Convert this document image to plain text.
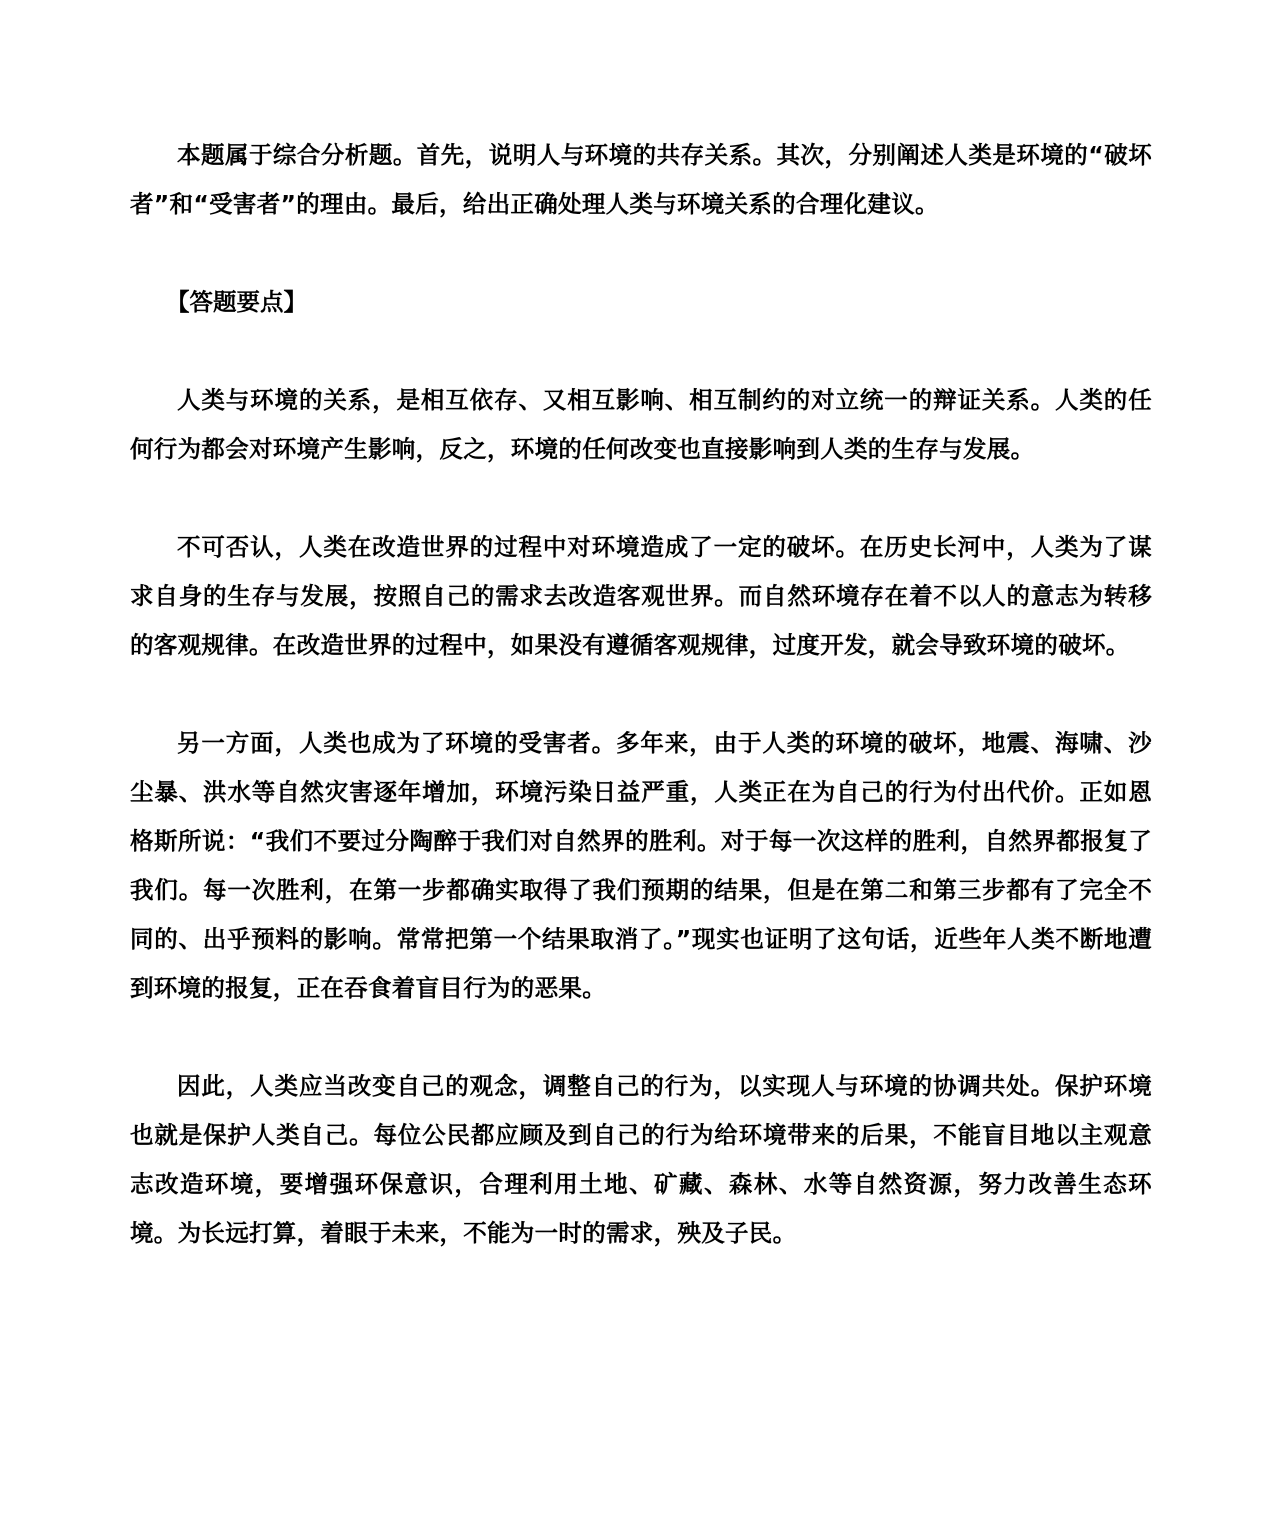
本题属于综合分析题。首先，说明人与环境的共存关系。其次，分别阐述人类是环境的“破坏者”和“受害者”的理由。最后，给出正确处理人类与环境关系的合理化建议。

【答题要点】

人类与环境的关系，是相互依存、又相互影响、相互制约的对立统一的辩证关系。人类的任何行为都会对环境产生影响，反之，环境的任何改变也直接影响到人类的生存与发展。

不可否认，人类在改造世界的过程中对环境造成了一定的破坏。在历史长河中，人类为了谋求自身的生存与发展，按照自己的需求去改造客观世界。而自然环境存在着不以人的意志为转移的客观规律。在改造世界的过程中，如果没有遵循客观规律，过度开发，就会导致环境的破坏。

另一方面，人类也成为了环境的受害者。多年来，由于人类的环境的破坏，地震、海啸、沙尘暴、洪水等自然灾害逐年增加，环境污染日益严重，人类正在为自己的行为付出代价。正如恩格斯所说：“我们不要过分陶醉于我们对自然界的胜利。对于每一次这样的胜利，自然界都报复了我们。每一次胜利，在第一步都确实取得了我们预期的结果，但是在第二和第三步都有了完全不同的、出乎预料的影响。常常把第一个结果取消了。”现实也证明了这句话，近些年人类不断地遭到环境的报复，正在吞食着盲目行为的恶果。

因此，人类应当改变自己的观念，调整自己的行为，以实现人与环境的协调共处。保护环境也就是保护人类自己。每位公民都应顾及到自己的行为给环境带来的后果，不能盲目地以主观意志改造环境，要增强环保意识，合理利用土地、矿藏、森林、水等自然资源，努力改善生态环境。为长远打算，着眼于未来，不能为一时的需求，殃及子民。
